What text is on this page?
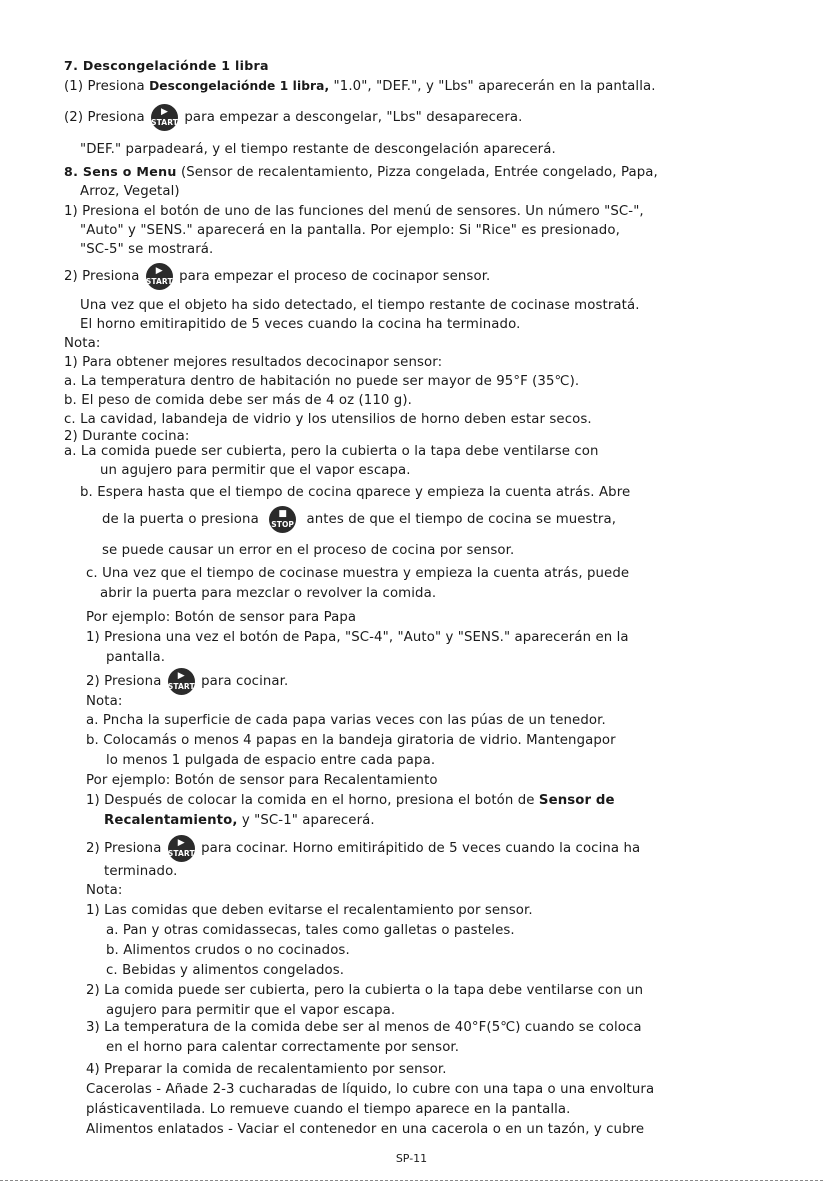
7. Descongelaciónde 1 libra
(1) Presiona Descongelaciónde 1 libra, "1.0", "DEF.", y "Lbs" aparecerán en la pantalla.
(2) Presiona	▶
START para empezar a descongelar, "Lbs" desaparecera.
"DEF." parpadeará, y el tiempo restante de descongelación aparecerá.
8. Sens o Menu (Sensor de recalentamiento, Pizza congelada, Entrée congelado, Papa,
Arroz, Vegetal)
1) Presiona el botón de uno de las funciones del menú de sensores. Un número "SC-",
"Auto" y "SENS." aparecerá en la pantalla. Por ejemplo: Si "Rice" es presionado,
"SC-5" se mostrará.
2) Presiona	▶
START para empezar el proceso de cocinapor sensor.
Una vez que el objeto ha sido detectado, el tiempo restante de cocinase mostratá.
El horno emitirapitido de 5 veces cuando la cocina ha terminado.
Nota:
1) Para obtener mejores resultados decocinapor sensor:
a. La temperatura dentro de habitación no puede ser mayor de 95°F (35℃).
b. El peso de comida debe ser más de 4 oz (110 g).
c. La cavidad, labandeja de vidrio y los utensilios de horno deben estar secos.
2) Durante cocina:
a. La comida puede ser cubierta, pero la cubierta o la tapa debe ventilarse con
un agujero para permitir que el vapor escapa.
b. Espera hasta que el tiempo de cocina qparece y empieza la cuenta atrás. Abre
de la puerta o presiona	■
STOP antes de que el tiempo de cocina se muestra,
se puede causar un error en el proceso de cocina por sensor.
c. Una vez que el tiempo de cocinase muestra y empieza la cuenta atrás, puede
abrir la puerta para mezclar o revolver la comida.
Por ejemplo: Botón de sensor para Papa
1) Presiona una vez el botón de Papa, "SC-4", "Auto" y "SENS." aparecerán en la
pantalla.
2) Presiona	▶
START para cocinar.
Nota:
a. Pncha la superficie de cada papa varias veces con las púas de un tenedor.
b. Colocamás o menos 4 papas en la bandeja giratoria de vidrio. Mantengapor
lo menos 1 pulgada de espacio entre cada papa.
Por ejemplo: Botón de sensor para Recalentamiento
1) Después de colocar la comida en el horno, presiona el botón de Sensor de
Recalentamiento, y "SC-1" aparecerá.
2) Presiona	▶
START para cocinar. Horno emitirápitido de 5 veces cuando la cocina ha
terminado.
Nota:
1) Las comidas que deben evitarse el recalentamiento por sensor.
a. Pan y otras comidassecas, tales como galletas o pasteles.
b. Alimentos crudos o no cocinados.
c. Bebidas y alimentos congelados.
2) La comida puede ser cubierta, pero la cubierta o la tapa debe ventilarse con un
agujero para permitir que el vapor escapa.
3) La temperatura de la comida debe ser al menos de 40°F(5℃) cuando se coloca
en el horno para calentar correctamente por sensor.
4) Preparar la comida de recalentamiento por sensor.
Cacerolas - Añade 2-3 cucharadas de líquido, lo cubre con una tapa o una envoltura
plásticaventilada. Lo remueve cuando el tiempo aparece en la pantalla.
Alimentos enlatados - Vaciar el contenedor en una cacerola o en un tazón, y cubre
SP-11
